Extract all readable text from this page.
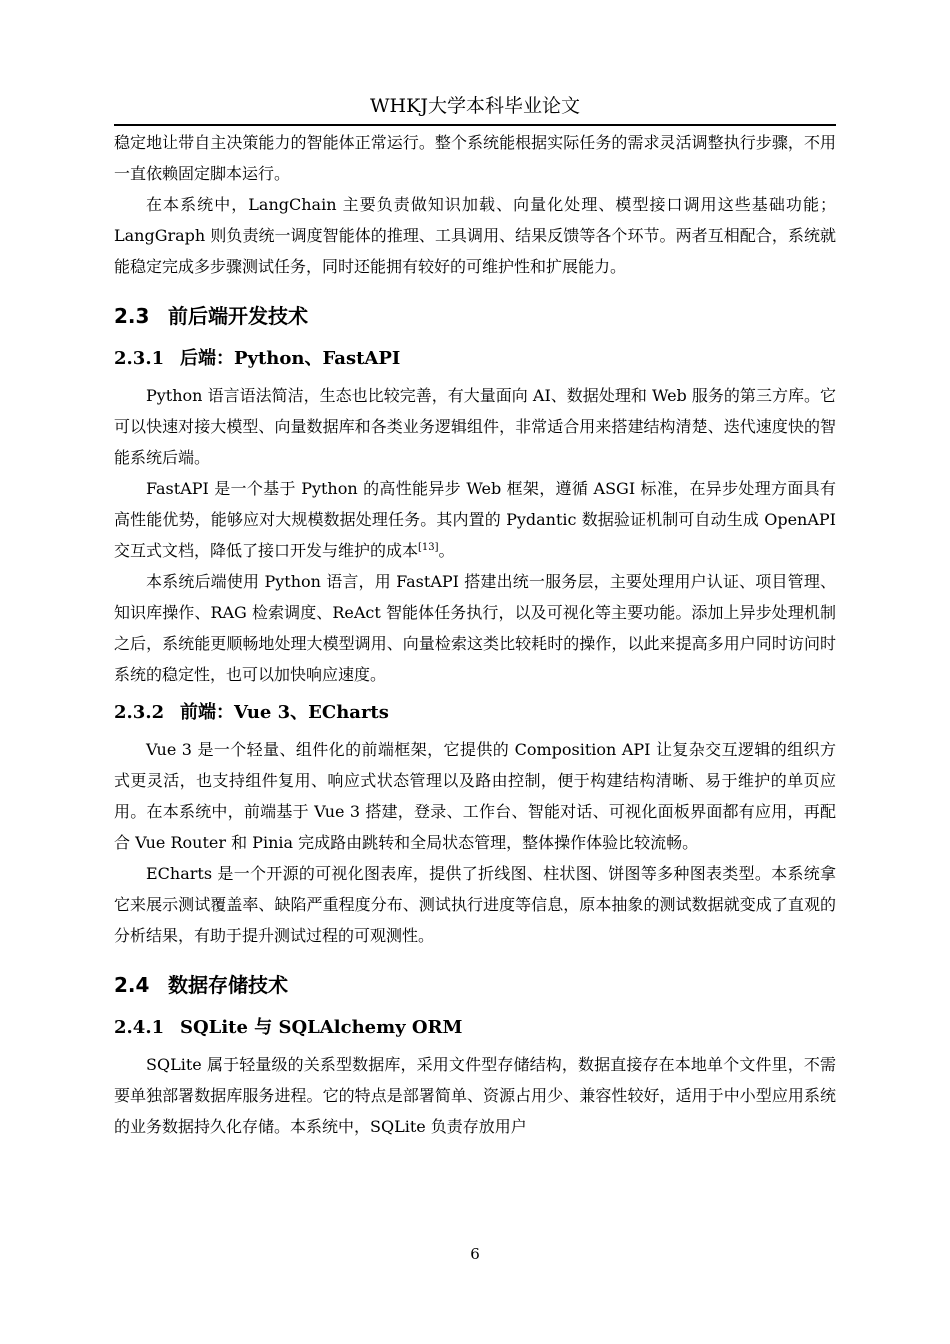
WHKJ大学本科毕业论文

稳定地让带自主决策能力的智能体正常运行。整个系统能根据实际任务的需求灵活调整执行步骤，不用一直依赖固定脚本运行。

在本系统中，LangChain 主要负责做知识加载、向量化处理、模型接口调用这些基础功能；LangGraph 则负责统一调度智能体的推理、工具调用、结果反馈等各个环节。两者互相配合，系统就能稳定完成多步骤测试任务，同时还能拥有较好的可维护性和扩展能力。

2.3 前后端开发技术
2.3.1 后端：Python、FastAPI

Python 语言语法简洁，生态也比较完善，有大量面向 AI、数据处理和 Web 服务的第三方库。它可以快速对接大模型、向量数据库和各类业务逻辑组件，非常适合用来搭建结构清楚、迭代速度快的智能系统后端。

FastAPI 是一个基于 Python 的高性能异步 Web 框架，遵循 ASGI 标准，在异步处理方面具有高性能优势，能够应对大规模数据处理任务。其内置的 Pydantic 数据验证机制可自动生成 OpenAPI 交互式文档，降低了接口开发与维护的成本[13]。

本系统后端使用 Python 语言，用 FastAPI 搭建出统一服务层，主要处理用户认证、项目管理、知识库操作、RAG 检索调度、ReAct 智能体任务执行，以及可视化等主要功能。添加上异步处理机制之后，系统能更顺畅地处理大模型调用、向量检索这类比较耗时的操作，以此来提高多用户同时访问时系统的稳定性，也可以加快响应速度。

2.3.2 前端：Vue 3、ECharts

Vue 3 是一个轻量、组件化的前端框架，它提供的 Composition API 让复杂交互逻辑的组织方式更灵活，也支持组件复用、响应式状态管理以及路由控制，便于构建结构清晰、易于维护的单页应用。在本系统中，前端基于 Vue 3 搭建，登录、工作台、智能对话、可视化面板界面都有应用，再配合 Vue Router 和 Pinia 完成路由跳转和全局状态管理，整体操作体验比较流畅。

ECharts 是一个开源的可视化图表库，提供了折线图、柱状图、饼图等多种图表类型。本系统拿它来展示测试覆盖率、缺陷严重程度分布、测试执行进度等信息，原本抽象的测试数据就变成了直观的分析结果，有助于提升测试过程的可观测性。

2.4 数据存储技术
2.4.1 SQLite 与 SQLAlchemy ORM

SQLite 属于轻量级的关系型数据库，采用文件型存储结构，数据直接存在本地单个文件里，不需要单独部署数据库服务进程。它的特点是部署简单、资源占用少、兼容性较好，适用于中小型应用系统的业务数据持久化存储。本系统中，SQLite 负责存放用户

6
